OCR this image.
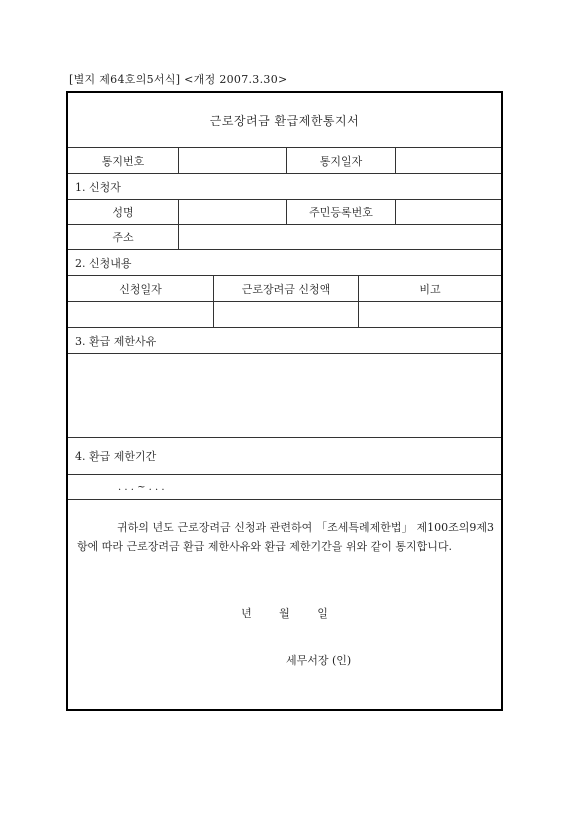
[별지 제64호의5서식] <개정 2007.3.30>
근로장려금 환급제한통지서
통지번호	통지일자
1. 신청자
성명	주민등록번호
주소
2. 신청내용
신청일자	근로장려금 신청액	비고
3. 환급 제한사유
4. 환급 제한기간
. . . ~ . . .
귀하의 년도 근로장려금 신청과 관련하여 「조세특례제한법」 제100조의9제3항에 따라 근로장려금 환급 제한사유와 환급 제한기간을 위와 같이 통지합니다.
년 월 일
세무서장 (인)
